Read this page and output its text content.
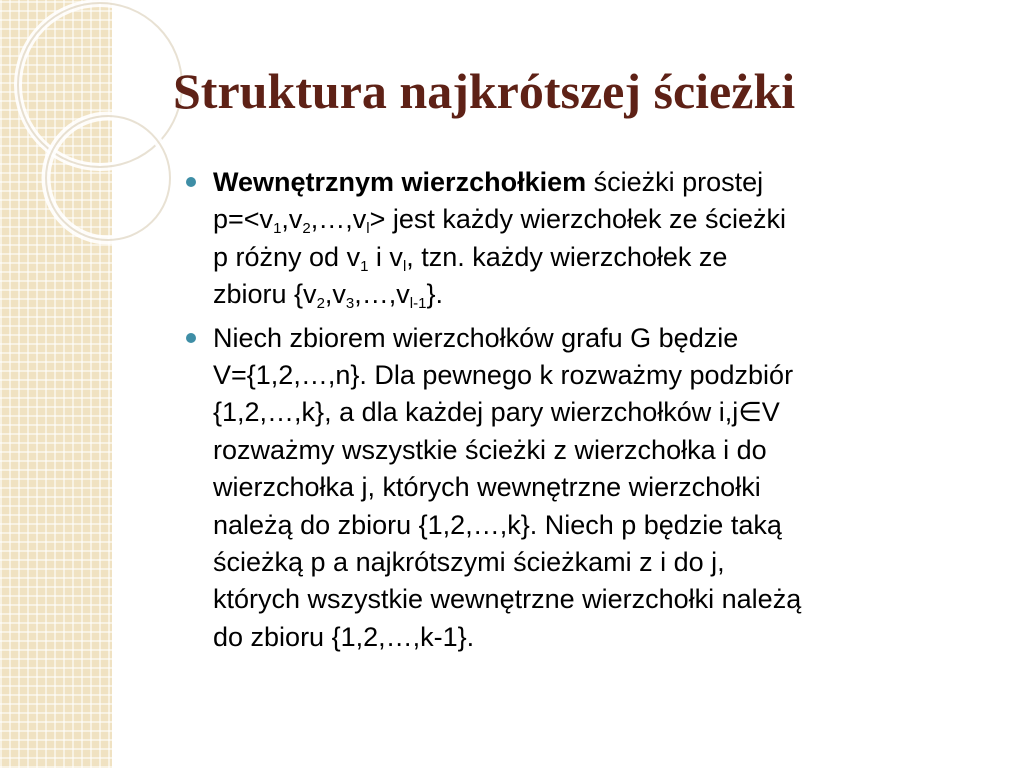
Struktura najkrótszej ścieżki
Wewnętrznym wierzchołkiem ścieżki prostej
$p=<v_1,v_2,\dots,v_l>$ jest każdy wierzchołek ze ścieżki
p różny od $v_1$ i $v_l$, tzn. każdy wierzchołek ze
zbioru $\{v_2,v_3,\dots,v_{l-1}\}$.
Niech zbiorem wierzchołków grafu G będzie
V={1,2,…,n}. Dla pewnego k rozważmy podzbiór
{1,2,…,k}, a dla każdej pary wierzchołków i,j∈V
rozważmy wszystkie ścieżki z wierzchołka i do
wierzchołka j, których wewnętrzne wierzchołki
należą do zbioru {1,2,…,k}. Niech p będzie taką
ścieżką p a najkrótszymi ścieżkami z i do j,
których wszystkie wewnętrzne wierzchołki należą
do zbioru {1,2,…,k-1}.
